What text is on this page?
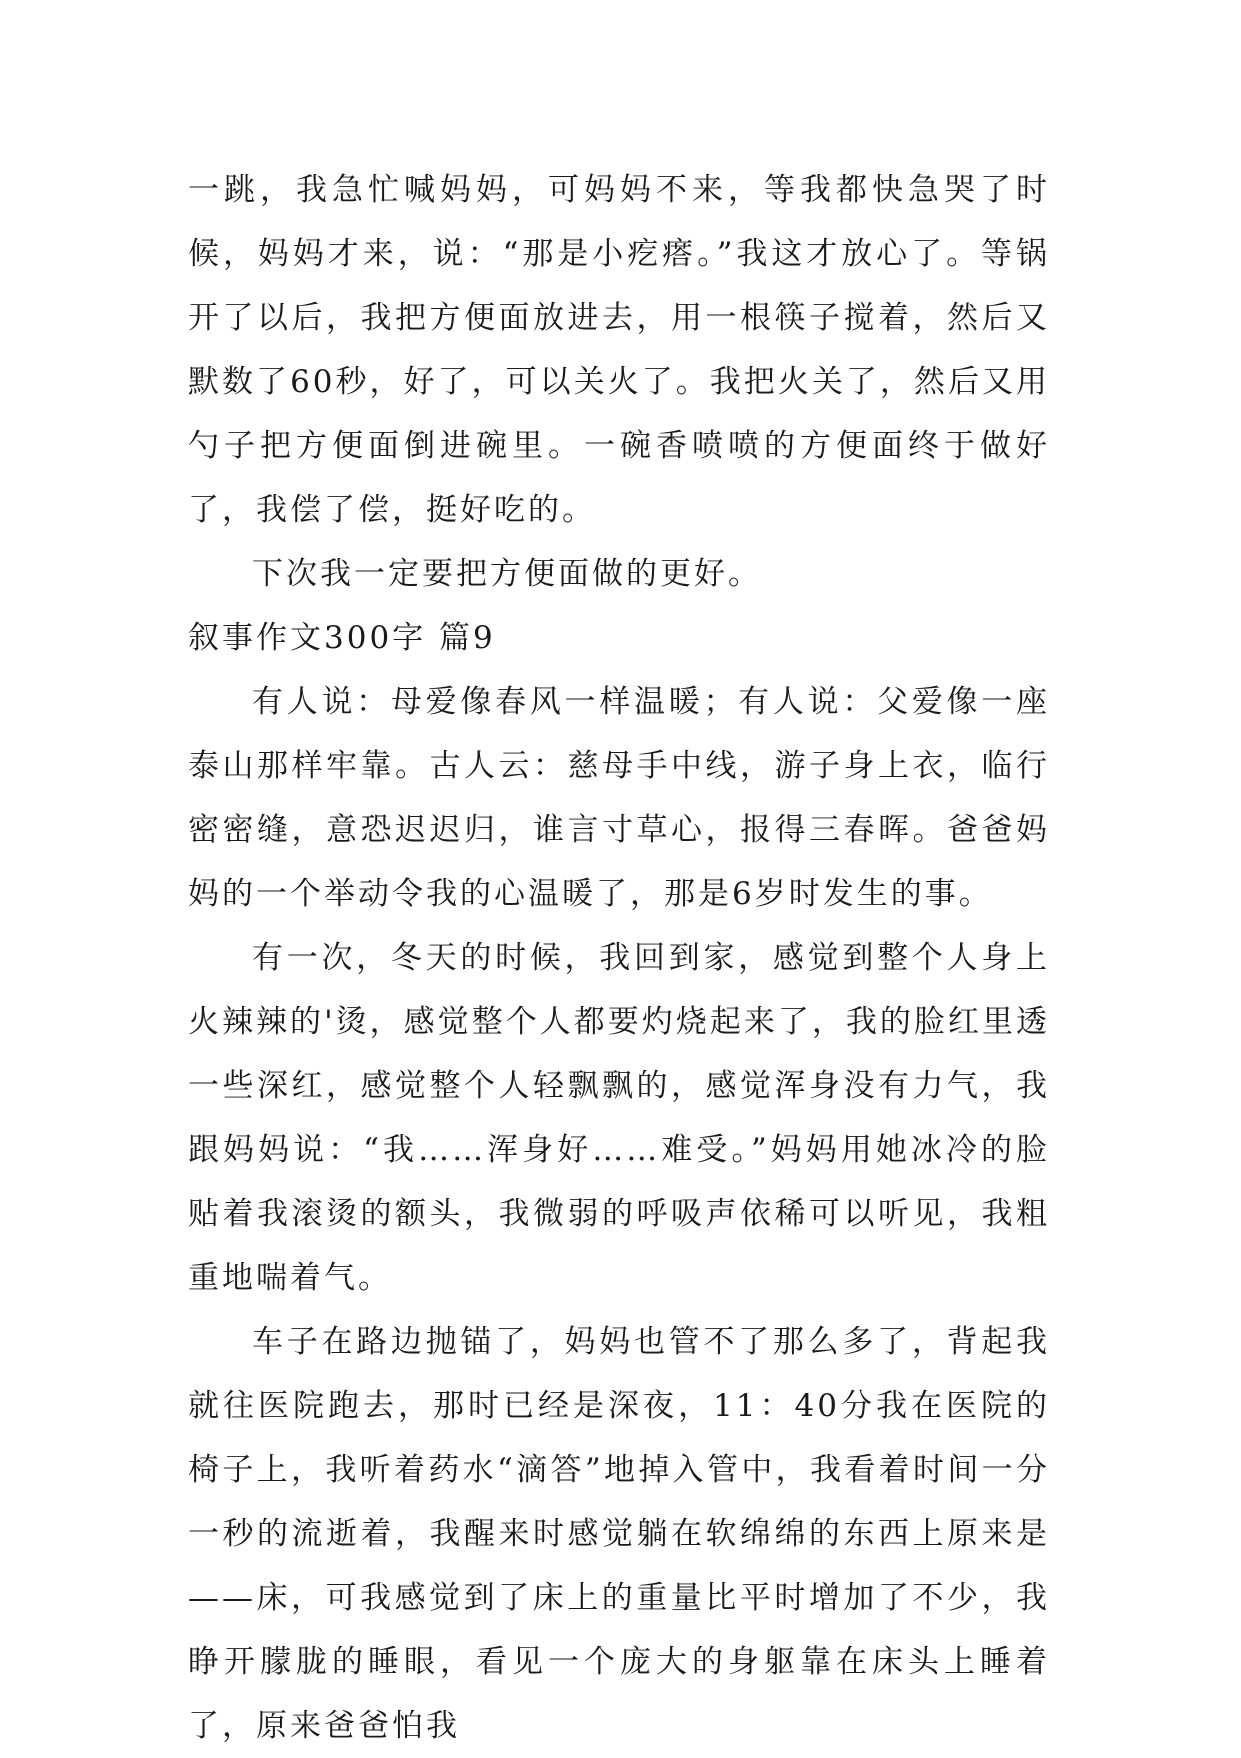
一跳，我急忙喊妈妈，可妈妈不来，等我都快急哭了时候，妈妈才来，说：“那是小疙瘩。”我这才放心了。等锅开了以后，我把方便面放进去，用一根筷子搅着，然后又默数了60秒，好了，可以关火了。我把火关了，然后又用勺子把方便面倒进碗里。一碗香喷喷的方便面终于做好了，我偿了偿，挺好吃的。

下次我一定要把方便面做的更好。

叙事作文300字 篇9

有人说：母爱像春风一样温暖；有人说：父爱像一座泰山那样牢靠。古人云：慈母手中线，游子身上衣，临行密密缝，意恐迟迟归，谁言寸草心，报得三春晖。爸爸妈妈的一个举动令我的心温暖了，那是6岁时发生的事。

有一次，冬天的时候，我回到家，感觉到整个人身上火辣辣的'烫，感觉整个人都要灼烧起来了，我的脸红里透一些深红，感觉整个人轻飘飘的，感觉浑身没有力气，我跟妈妈说：“我……浑身好……难受。”妈妈用她冰冷的脸贴着我滚烫的额头，我微弱的呼吸声依稀可以听见，我粗重地喘着气。

车子在路边抛锚了，妈妈也管不了那么多了，背起我就往医院跑去，那时已经是深夜，11：40分我在医院的椅子上，我听着药水“滴答”地掉入管中，我看着时间一分一秒的流逝着，我醒来时感觉躺在软绵绵的东西上原来是——床，可我感觉到了床上的重量比平时增加了不少，我睁开朦胧的睡眼，看见一个庞大的身躯靠在床头上睡着了，原来爸爸怕我
